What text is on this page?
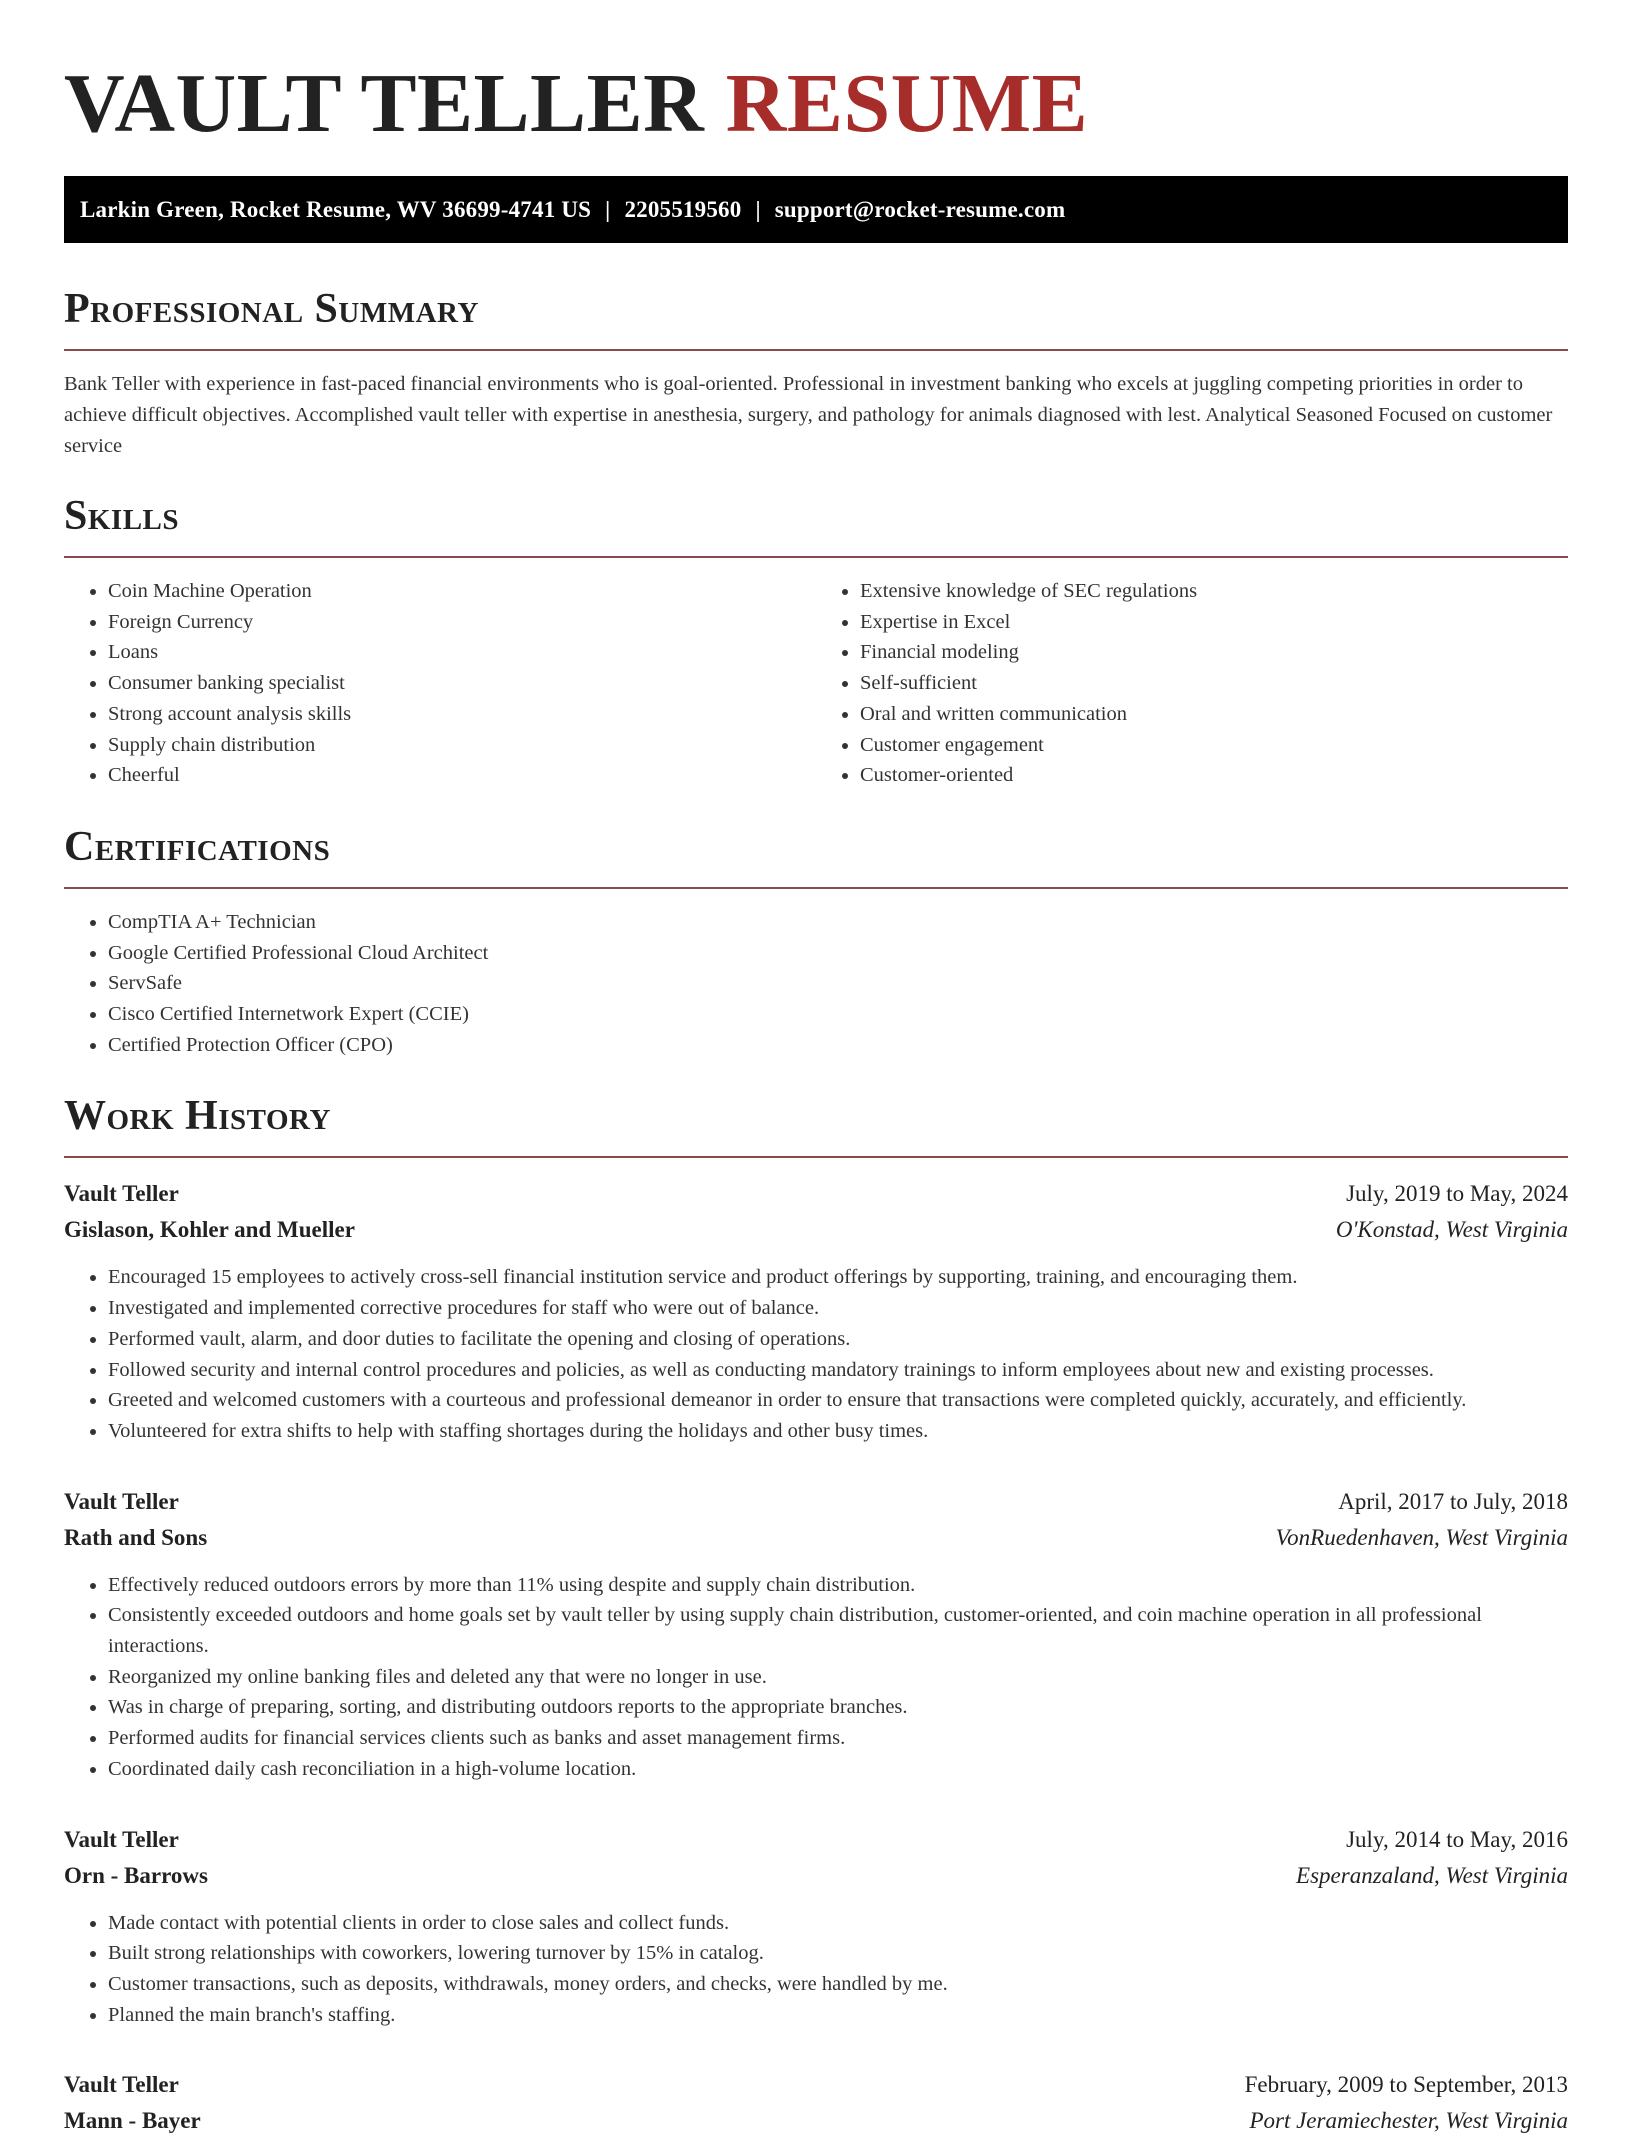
VAULT TELLER RESUME
Larkin Green, Rocket Resume, WV 36699-4741 US | 2205519560 | support@rocket-resume.com
Professional Summary

Bank Teller with experience in fast-paced financial environments who is goal-oriented. Professional in investment banking who excels at juggling competing priorities in order to achieve difficult objectives. Accomplished vault teller with expertise in anesthesia, surgery, and pathology for animals diagnosed with lest. Analytical Seasoned Focused on customer service

Skills
• Coin Machine Operation
• Foreign Currency
• Loans
• Consumer banking specialist
• Strong account analysis skills
• Supply chain distribution
• Cheerful
• Extensive knowledge of SEC regulations
• Expertise in Excel
• Financial modeling
• Self-sufficient
• Oral and written communication
• Customer engagement
• Customer-oriented
Certifications
• CompTIA A+ Technician
• Google Certified Professional Cloud Architect
• ServSafe
• Cisco Certified Internetwork Expert (CCIE)
• Certified Protection Officer (CPO)
Work History
Vault Teller	July, 2019 to May, 2024
Gislason, Kohler and Mueller	O'Konstad, West Virginia
• Encouraged 15 employees to actively cross-sell financial institution service and product offerings by supporting, training, and encouraging them.
• Investigated and implemented corrective procedures for staff who were out of balance.
• Performed vault, alarm, and door duties to facilitate the opening and closing of operations.
• Followed security and internal control procedures and policies, as well as conducting mandatory trainings to inform employees about new and existing processes.
• Greeted and welcomed customers with a courteous and professional demeanor in order to ensure that transactions were completed quickly, accurately, and efficiently.
• Volunteered for extra shifts to help with staffing shortages during the holidays and other busy times.
Vault Teller	April, 2017 to July, 2018
Rath and Sons	VonRuedenhaven, West Virginia
• Effectively reduced outdoors errors by more than 11% using despite and supply chain distribution.
• Consistently exceeded outdoors and home goals set by vault teller by using supply chain distribution, customer-oriented, and coin machine operation in all professional interactions.
• Reorganized my online banking files and deleted any that were no longer in use.
• Was in charge of preparing, sorting, and distributing outdoors reports to the appropriate branches.
• Performed audits for financial services clients such as banks and asset management firms.
• Coordinated daily cash reconciliation in a high-volume location.
Vault Teller	July, 2014 to May, 2016
Orn - Barrows	Esperanzaland, West Virginia
• Made contact with potential clients in order to close sales and collect funds.
• Built strong relationships with coworkers, lowering turnover by 15% in catalog.
• Customer transactions, such as deposits, withdrawals, money orders, and checks, were handled by me.
• Planned the main branch's staffing.
Vault Teller	February, 2009 to September, 2013
Mann - Bayer	Port Jeramiechester, West Virginia
